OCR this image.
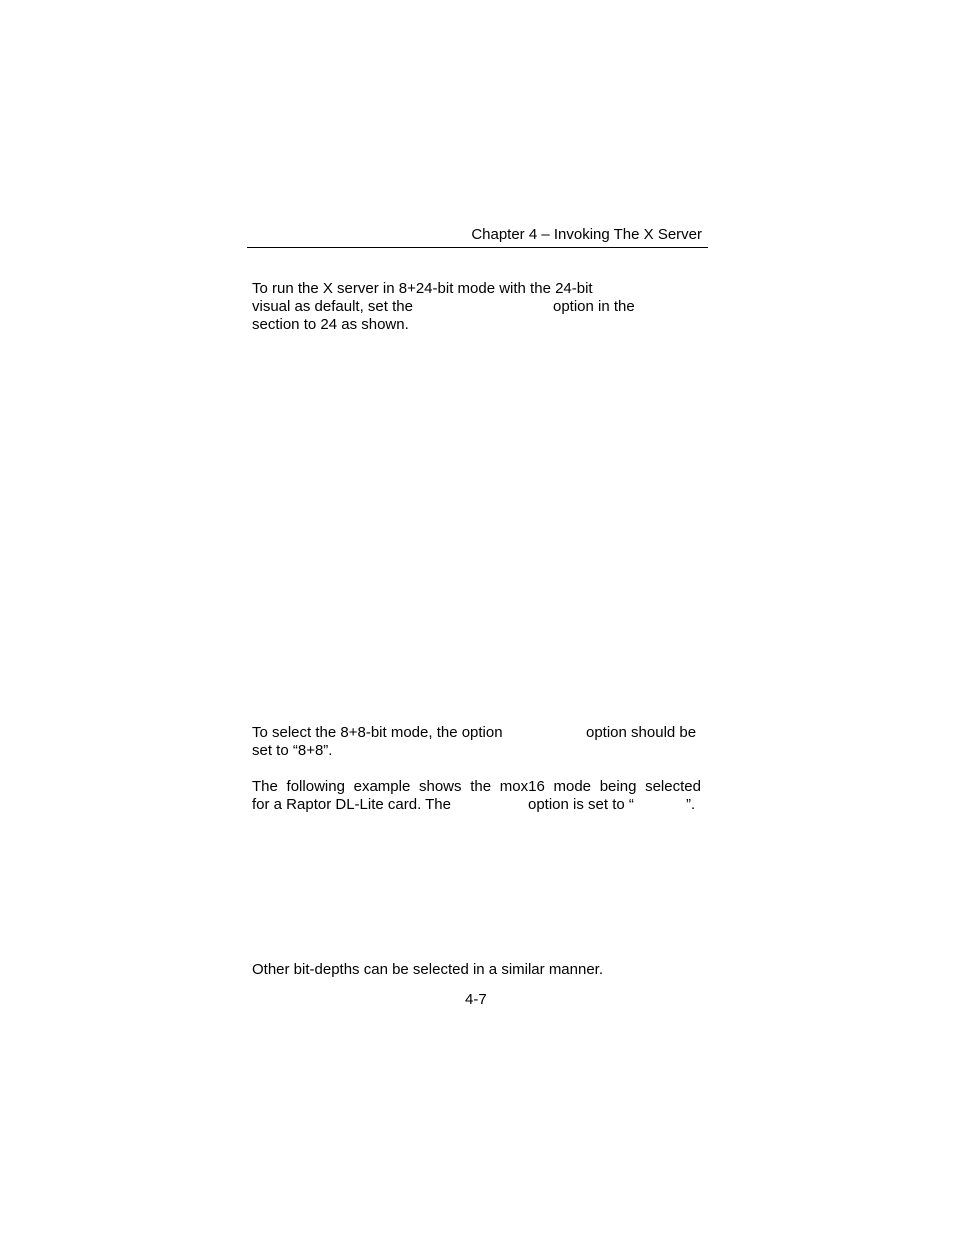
Chapter 4 – Invoking The X Server
To run the X server in 8+24-bit mode with the 24-bit
visual as default, set the	option in the
section to 24 as shown.
To select the 8+8-bit mode, the option	option should be
set to “8+8”.
The following example shows the mox16 mode being selected
for a Raptor DL-Lite card. The	option is set to “	”.
Other bit-depths can be selected in a similar manner.
4-7
